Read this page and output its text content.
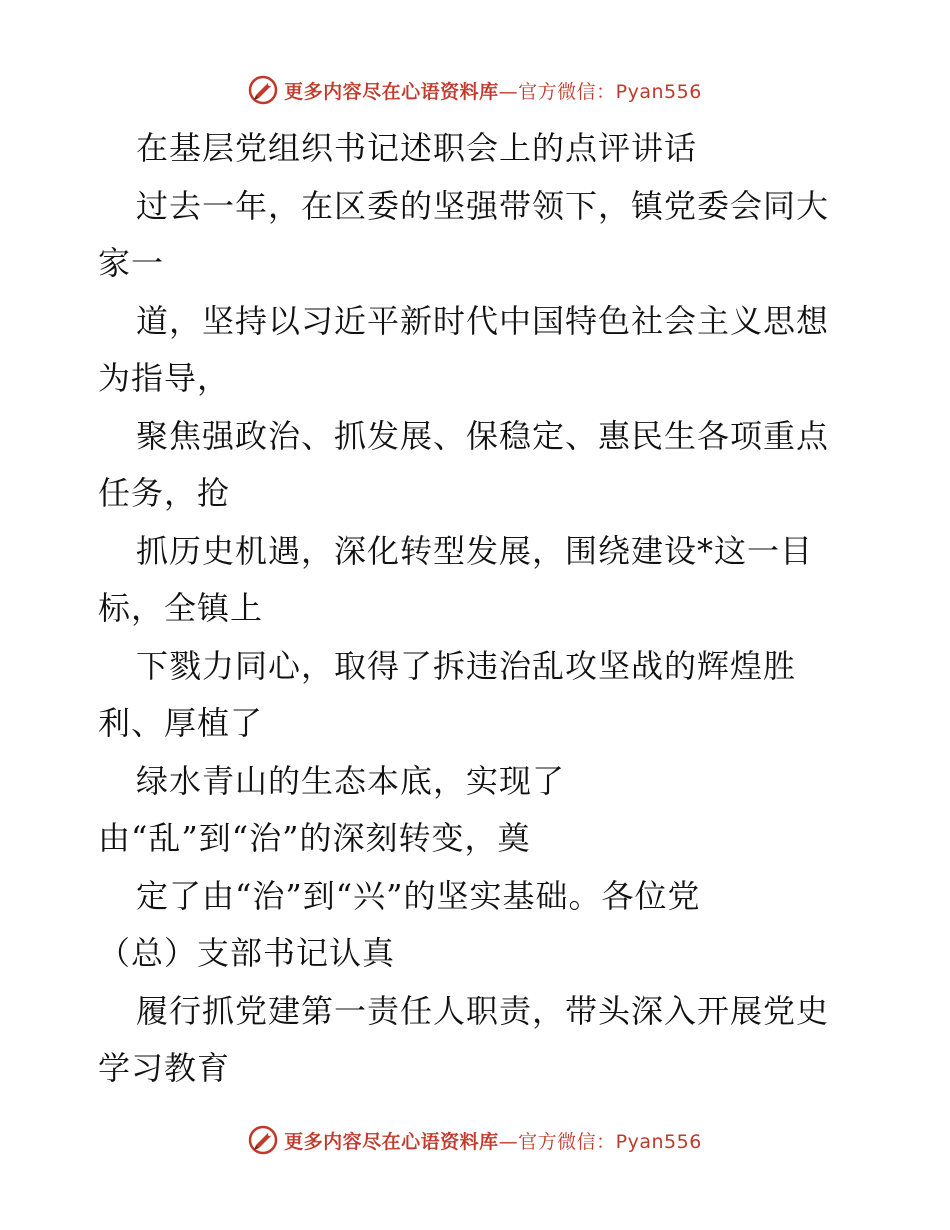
更多内容尽在心语资料库—官方微信：Pyan556
在基层党组织书记述职会上的点评讲话
过去一年，在区委的坚强带领下，镇党委会同大
家一
道，坚持以习近平新时代中国特色社会主义思想
为指导，
聚焦强政治、抓发展、保稳定、惠民生各项重点
任务，抢
抓历史机遇，深化转型发展，围绕建设*这一目
标，全镇上
下戮力同心，取得了拆违治乱攻坚战的辉煌胜
利、厚植了
绿水青山的生态本底，实现了
由“乱”到“治”的深刻转变，奠
定了由“治”到“兴”的坚实基础。各位党
（总）支部书记认真
履行抓党建第一责任人职责，带头深入开展党史
学习教育
更多内容尽在心语资料库—官方微信：Pyan556
